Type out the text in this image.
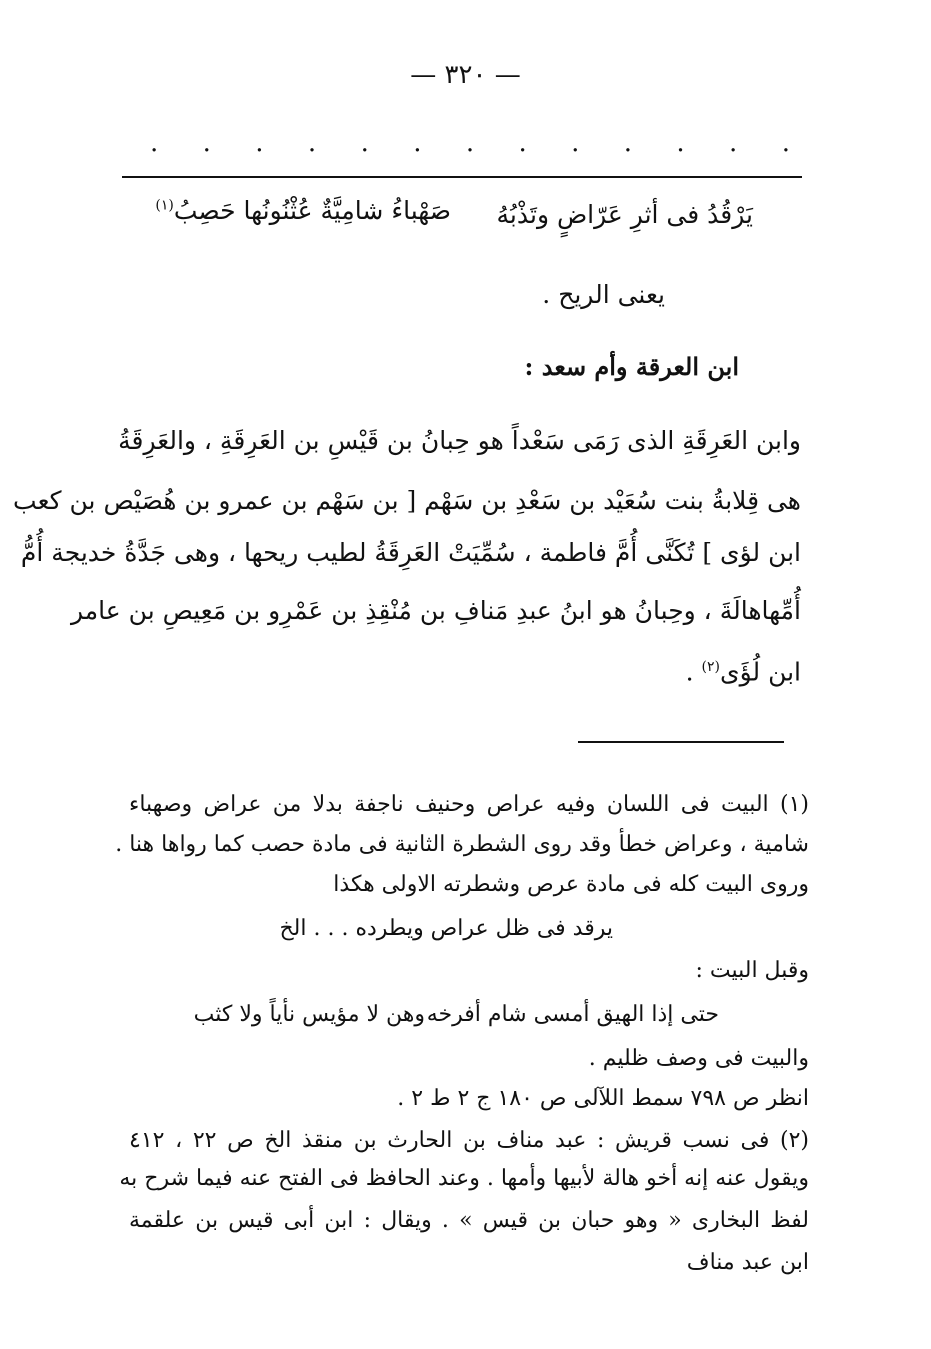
— ٣٢٠ —
. . . . . . . . . . . . .
يَرْقُدُ فى أثرِ عَرّاضٍ وتَذْبُهُ
صَهْباءُ شامِيَّةٌ عُثْنُونُها حَصِبُ$^{(١)}$
يعنى الريح .
ابن العرقة وأم سعد :
وابن العَرِقَةِ الذى رَمَى سَعْداً هو حِبانُ بن قَيْسِ بن العَرِقَةِ ، والعَرِقَةُ
هى قِلابةُ بنت سُعَيْد بن سَعْدِ بن سَهْم [ بن سَهْم بن عمرو بن هُصَيْص بن كعب
ابن لؤى ] تُكَنَّى أُمَّ فاطمة ، سُمِّيَتْ العَرِقَةُ لطيب ريحها ، وهى جَدَّةُ خديجة أُمُّ
أُمِّهاهالَةَ ، وحِبانُ هو ابنُ عبدِ مَنافِ بن مُنْقِذِ بن عَمْرِو بن مَعِيصِ بن عامر
ابن لُؤَى$^{(٢)}$ .
(١) البيت فى اللسان وفيه عراص وحنيف ناجفة بدلا من عراض وصهباء
شامية ، وعراض خطأ وقد روى الشطرة الثانية فى مادة حصب كما رواها هنا .
وروى البيت كله فى مادة عرص وشطرته الاولى هكذا
يرقد فى ظل عراص ويطرده . . . الخ
وقبل البيت :
حتى إذا الهيق أمسى شام أفرخه
وهن لا مؤيس نأياً ولا كثب
والبيت فى وصف ظليم .
انظر ص ٧٩٨ سمط اللآلى ص ١٨٠ ج ٢ ط ٢ .
(٢) فى نسب قريش : عبد مناف بن الحارث بن منقذ الخ ص ٢٢ ، ٤١٢
ويقول عنه إنه أخو هالة لأبيها وأمها . وعند الحافظ فى الفتح عنه فيما شرح به
لفظ البخارى « وهو حبان بن قيس » . ويقال : ابن أبى قيس بن علقمة
ابن عبد مناف
